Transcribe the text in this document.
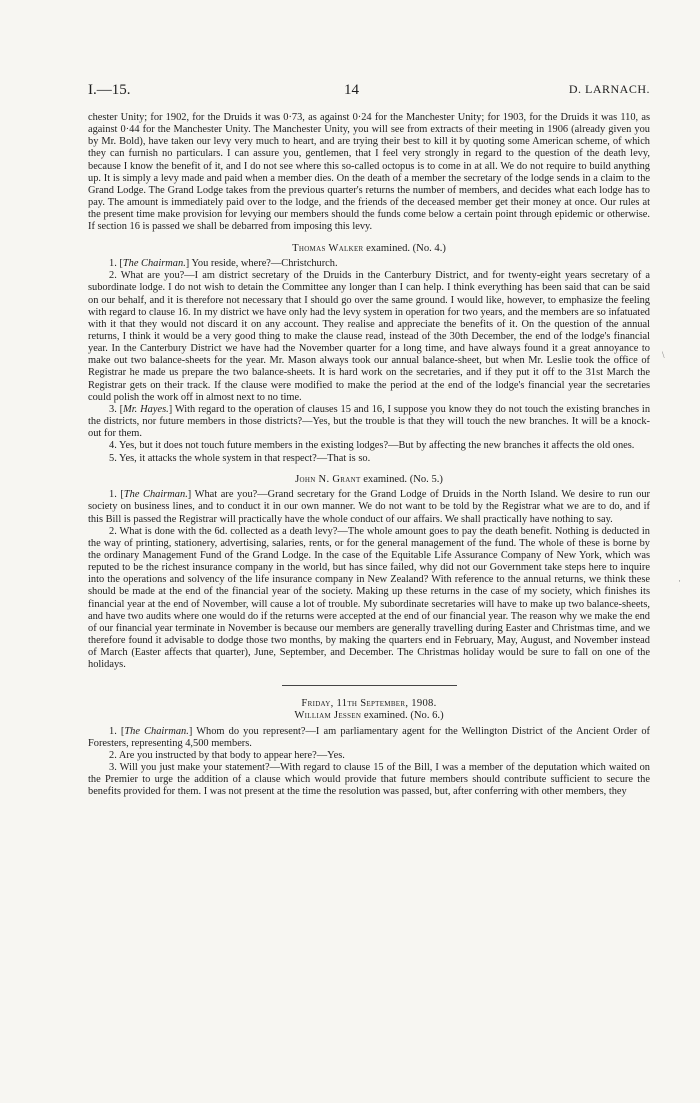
I.—15.	14	D. LARNACH.

chester Unity; for 1902, for the Druids it was 0·73, as against 0·24 for the Manchester Unity; for 1903, for the Druids it was 110, as against 0·44 for the Manchester Unity. The Manchester Unity, you will see from extracts of their meeting in 1906 (already given you by Mr. Bold), have taken our levy very much to heart, and are trying their best to kill it by quoting some American scheme, of which they can furnish no particulars. I can assure you, gentlemen, that I feel very strongly in regard to the question of the death levy, because I know the benefit of it, and I do not see where this so-called octopus is to come in at all. We do not require to build anything up. It is simply a levy made and paid when a member dies. On the death of a member the secretary of the lodge sends in a claim to the Grand Lodge. The Grand Lodge takes from the previous quarter's returns the number of members, and decides what each lodge has to pay. The amount is immediately paid over to the lodge, and the friends of the deceased member get their money at once. Our rules at the present time make provision for levying our members should the funds come below a certain point through epidemic or otherwise. If section 16 is passed we shall be debarred from imposing this levy.

Thomas Walker examined. (No. 4.)

1. [The Chairman.] You reside, where?—Christchurch.

2. What are you?—I am district secretary of the Druids in the Canterbury District, and for twenty-eight years secretary of a subordinate lodge. I do not wish to detain the Committee any longer than I can help. I think everything has been said that can be said on our behalf, and it is therefore not necessary that I should go over the same ground. I would like, however, to emphasize the feeling with regard to clause 16. In my district we have only had the levy system in operation for two years, and the members are so infatuated with it that they would not discard it on any account. They realise and appreciate the benefits of it. On the question of the annual returns, I think it would be a very good thing to make the clause read, instead of the 30th December, the end of the lodge's financial year. In the Canterbury District we have had the November quarter for a long time, and have always found it a great annoyance to make out two balance-sheets for the year. Mr. Mason always took our annual balance-sheet, but when Mr. Leslie took the office of Registrar he made us prepare the two balance-sheets. It is hard work on the secretaries, and if they put it off to the 31st March the Registrar gets on their track. If the clause were modified to make the period at the end of the lodge's financial year the secretaries could polish the work off in almost next to no time.

3. [Mr. Hayes.] With regard to the operation of clauses 15 and 16, I suppose you know they do not touch the existing branches in the districts, nor future members in those districts?—Yes, but the trouble is that they will touch the new branches. It will be a knock-out for them.

4. Yes, but it does not touch future members in the existing lodges?—But by affecting the new branches it affects the old ones.

5. Yes, it attacks the whole system in that respect?—That is so.

John N. Grant examined. (No. 5.)

1. [The Chairman.] What are you?—Grand secretary for the Grand Lodge of Druids in the North Island. We desire to run our society on business lines, and to conduct it in our own manner. We do not want to be told by the Registrar what we are to do, and if this Bill is passed the Registrar will practically have the whole conduct of our affairs. We shall practically have nothing to say.

2. What is done with the 6d. collected as a death levy?—The whole amount goes to pay the death benefit. Nothing is deducted in the way of printing, stationery, advertising, salaries, rents, or for the general management of the fund. The whole of these is borne by the ordinary Management Fund of the Grand Lodge. In the case of the Equitable Life Assurance Company of New York, which was reputed to be the richest insurance company in the world, but has since failed, why did not our Government take steps here to inquire into the operations and solvency of the life insurance company in New Zealand? With reference to the annual returns, we think these should be made at the end of the financial year of the society. Making up these returns in the case of my society, which finishes its financial year at the end of November, will cause a lot of trouble. My subordinate secretaries will have to make up two balance-sheets, and have two audits where one would do if the returns were accepted at the end of our financial year. The reason why we make the end of our financial year terminate in November is because our members are generally travelling during Easter and Christmas time, and we therefore found it advisable to dodge those two months, by making the quarters end in February, May, August, and November instead of March (Easter affects that quarter), June, September, and December. The Christmas holiday would be sure to fall on one of the holidays.

Friday, 11th September, 1908.

William Jessen examined. (No. 6.)

1. [The Chairman.] Whom do you represent?—I am parliamentary agent for the Wellington District of the Ancient Order of Foresters, representing 4,500 members.

2. Are you instructed by that body to appear here?—Yes.

3. Will you just make your statement?—With regard to clause 15 of the Bill, I was a member of the deputation which waited on the Premier to urge the addition of a clause which would provide that future members should contribute sufficient to secure the benefits provided for them. I was not present at the time the resolution was passed, but, after conferring with other members, they

\
·
